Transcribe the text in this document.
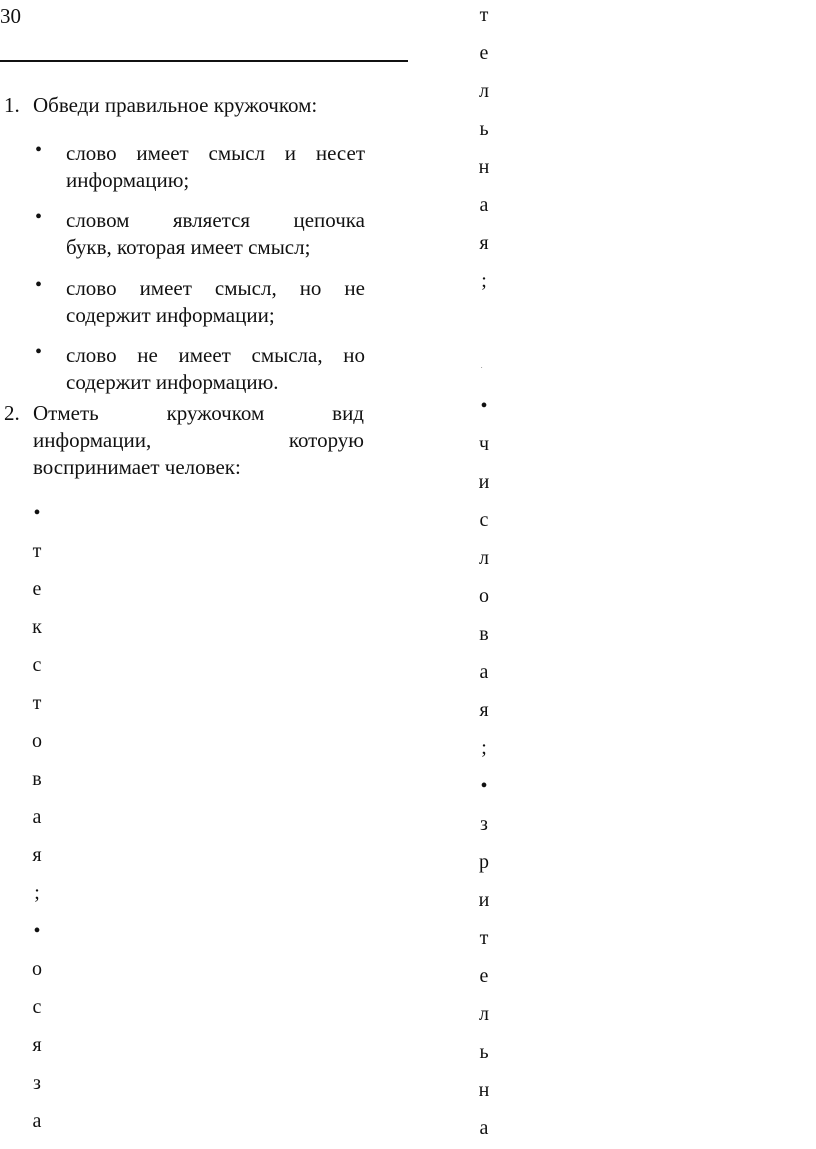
30
1. Обведи правильное кружочком:
• слово имеет смысл и несет
информацию;
• словом является цепочка
букв, которая имеет смысл;
• слово имеет смысл, но не
содержит информации;
• слово не имеет смысла, но
содержит информацию.
2. Отметь кружочком вид
информации, которую
воспринимает человек:
•
т
е
к
с
т
о
в
а
я
;
•
о
с
я
з
а
т
е
л
ь
н
а
я
;
•
ч
и
с
л
о
в
а
я
;
•
з
р
и
т
е
л
ь
н
а
.
